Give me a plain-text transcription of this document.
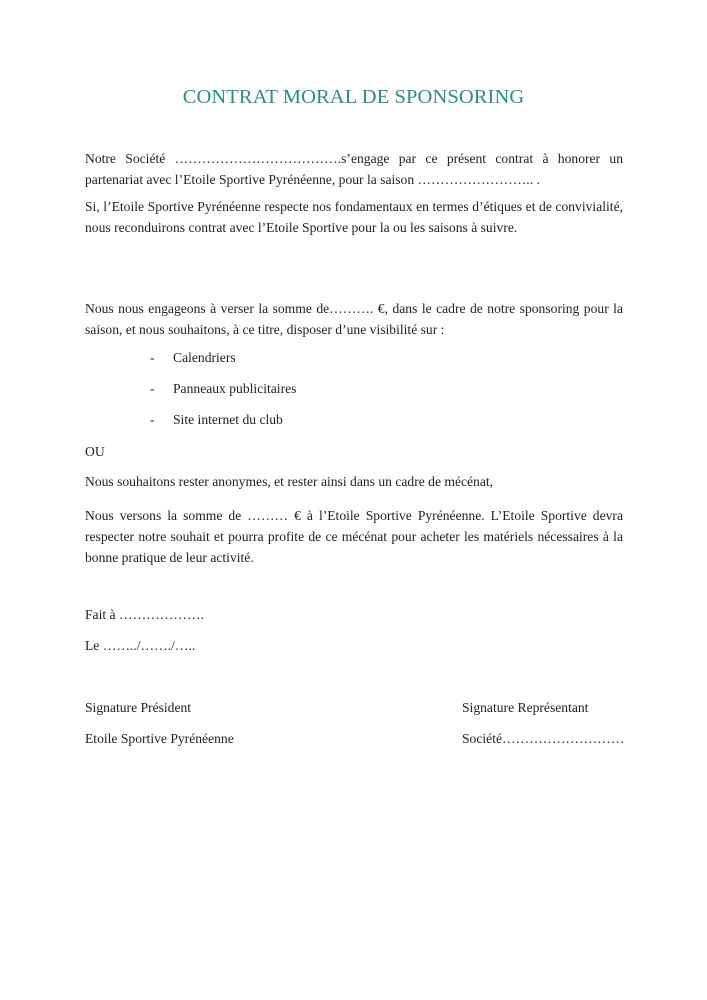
CONTRAT MORAL DE SPONSORING
Notre Société ……………………………….s’engage par ce présent contrat à honorer un partenariat avec l’Etoile Sportive Pyrénéenne, pour la saison …………………….. .
Si, l’Etoile Sportive Pyrénéenne respecte nos fondamentaux en termes d’étiques et de convivialité, nous reconduirons contrat avec l’Etoile Sportive pour la ou les saisons à suivre.
Nous nous engageons à verser la somme de………. €, dans le cadre de notre sponsoring pour la saison, et nous souhaitons, à ce titre, disposer d’une visibilité sur :
-	Calendriers
-	Panneaux publicitaires
-	Site internet du club
OU
Nous souhaitons rester anonymes, et rester ainsi dans un cadre de mécénat,
Nous versons la somme de ……… € à l’Etoile Sportive Pyrénéenne. L’Etoile Sportive devra respecter notre souhait et pourra profite de ce mécénat pour acheter les matériels nécessaires à la bonne pratique de leur activité.
Fait à ……………….
Le ……../……./…..
Signature Président
Etoile Sportive Pyrénéenne
Signature Représentant
Société………………………
